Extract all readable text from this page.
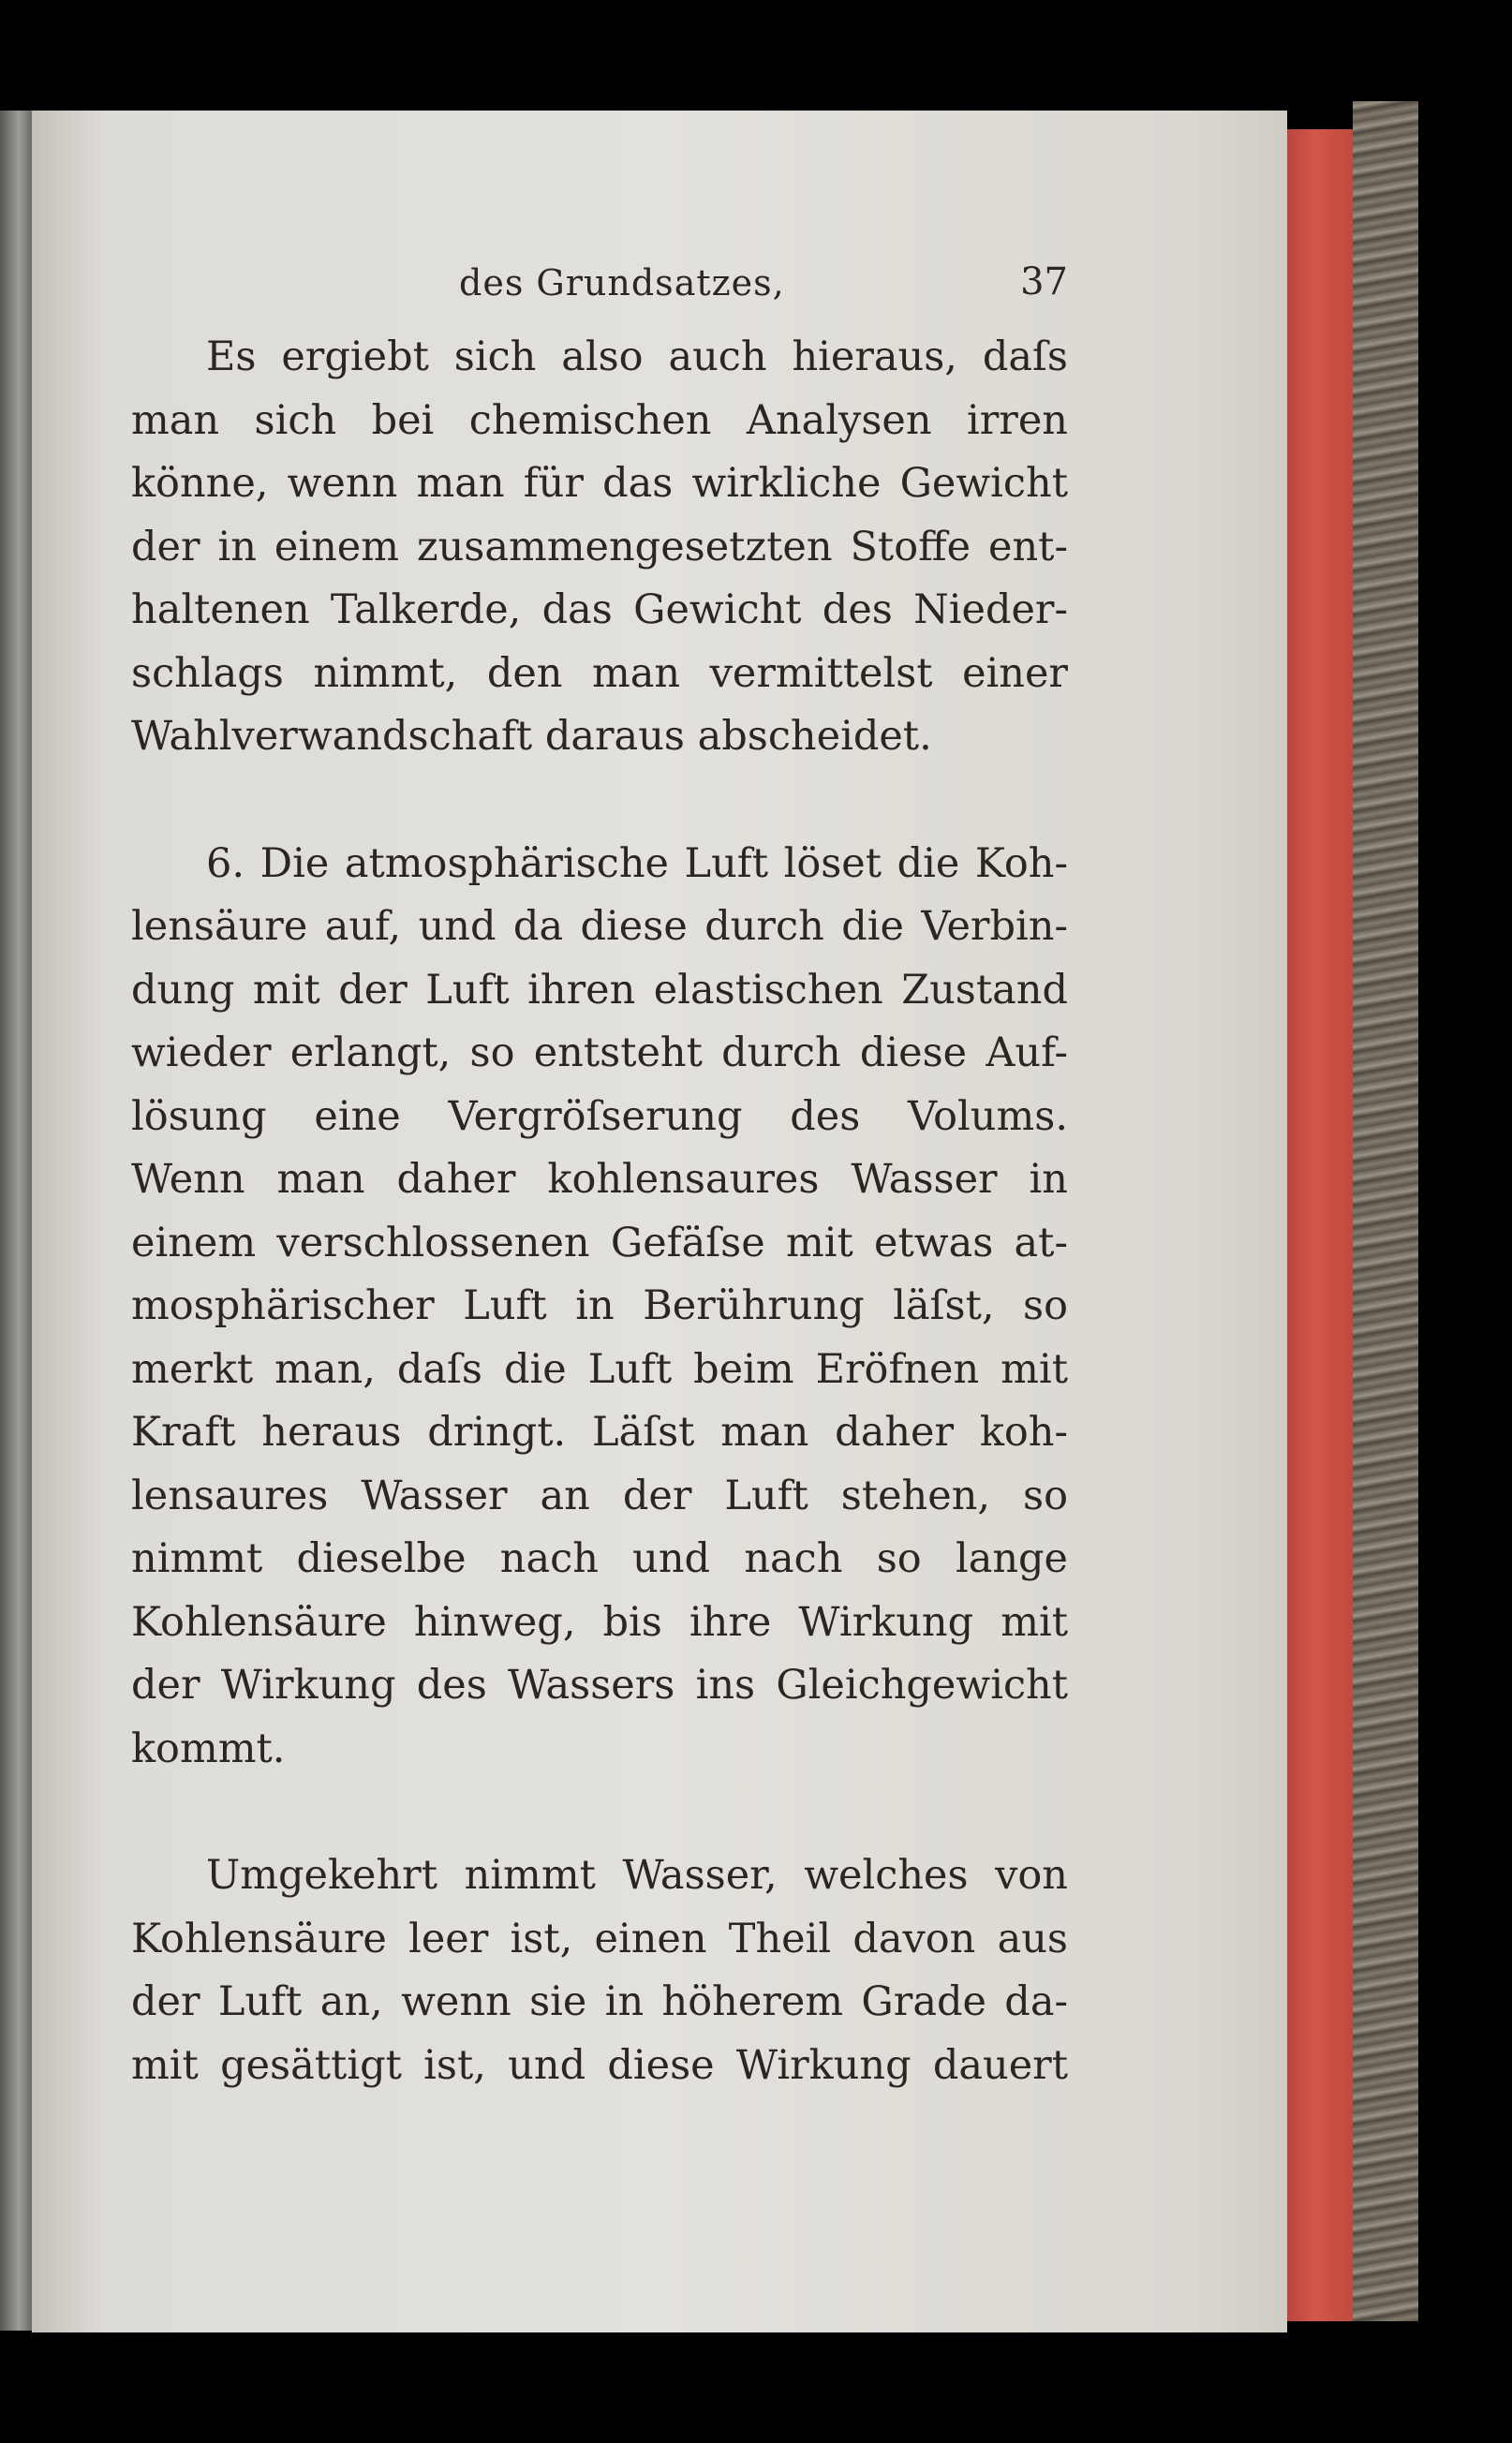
des Grundsatzes,	37
Es ergiebt sich also auch hieraus, daſs
man sich bei chemischen Analysen irren
könne, wenn man für das wirkliche Gewicht
der in einem zusammengesetzten Stoffe ent-
haltenen Talkerde, das Gewicht des Nieder-
schlags nimmt, den man vermittelst einer
Wahlverwandschaft daraus abscheidet.
6. Die atmosphärische Luft löset die Koh-
lensäure auf, und da diese durch die Verbin-
dung mit der Luft ihren elastischen Zustand
wieder erlangt, so entsteht durch diese Auf-
lösung eine Vergröſserung des Volums.
Wenn man daher kohlensaures Wasser in
einem verschlossenen Gefäſse mit etwas at-
mosphärischer Luft in Berührung läſst, so
merkt man, daſs die Luft beim Eröfnen mit
Kraft heraus dringt. Läſst man daher koh-
lensaures Wasser an der Luft stehen, so
nimmt dieselbe nach und nach so lange
Kohlensäure hinweg, bis ihre Wirkung mit
der Wirkung des Wassers ins Gleichgewicht
kommt.
Umgekehrt nimmt Wasser, welches von
Kohlensäure leer ist, einen Theil davon aus
der Luft an, wenn sie in höherem Grade da-
mit gesättigt ist, und diese Wirkung dauert
